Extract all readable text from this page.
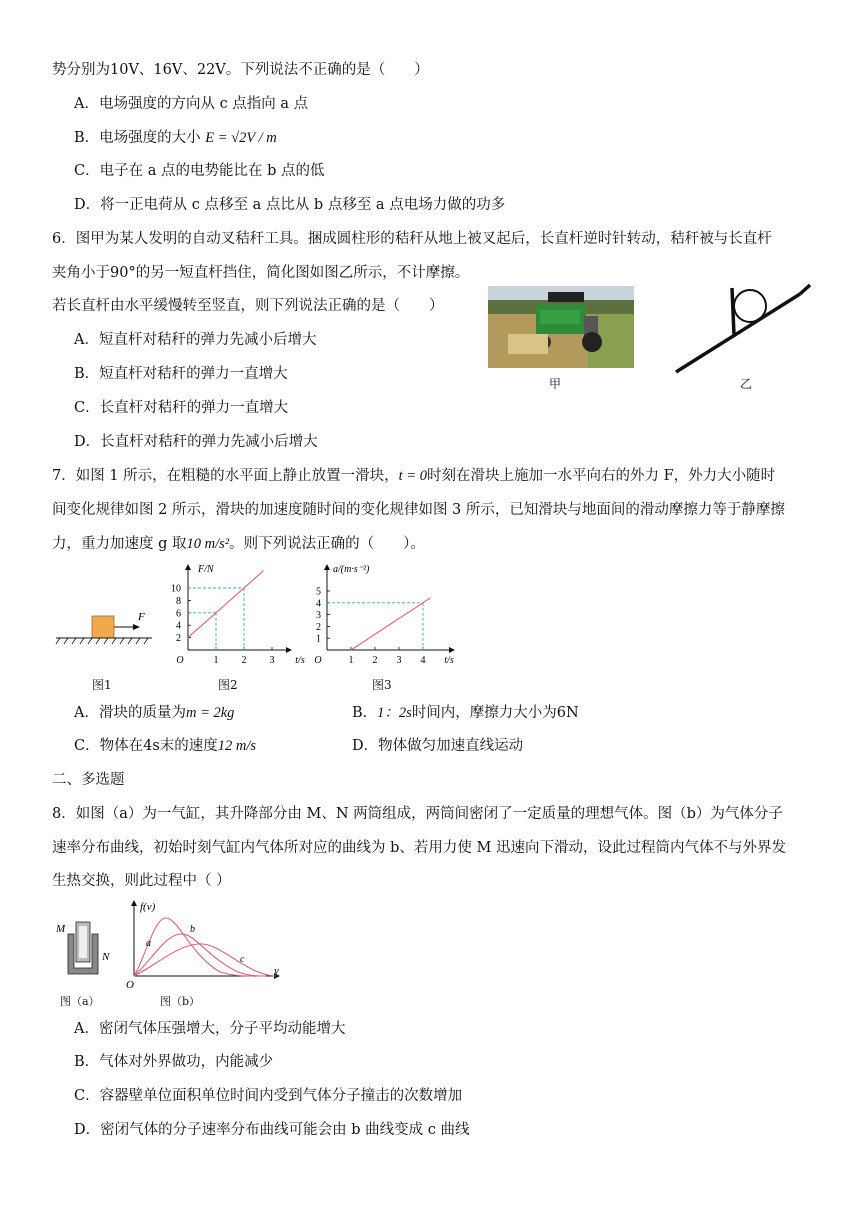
势分别为10V、16V、22V。下列说法不正确的是（　　）
A．电场强度的方向从 c 点指向 a 点
B．电场强度的大小 E = √2V / m
C．电子在 a 点的电势能比在 b 点的低
D．将一正电荷从 c 点移至 a 点比从 b 点移至 a 点电场力做的功多
6．图甲为某人发明的自动叉秸秆工具。捆成圆柱形的秸秆从地上被叉起后，长直杆逆时针转动，秸秆被与长直杆
夹角小于90°的另一短直杆挡住，简化图如图乙所示，不计摩擦。
若长直杆由水平缓慢转至竖直，则下列说法正确的是（　　）
A．短直杆对秸秆的弹力先减小后增大
B．短直杆对秸秆的弹力一直增大
C．长直杆对秸秆的弹力一直增大
D．长直杆对秸秆的弹力先减小后增大
甲	乙
7．如图 1 所示，在粗糙的水平面上静止放置一滑块，t = 0时刻在滑块上施加一水平向右的外力 F，外力大小随时
间变化规律如图 2 所示，滑块的加速度随时间的变化规律如图 3 所示，已知滑块与地面间的滑动摩擦力等于静摩擦
力，重力加速度 g 取10 m/s²。则下列说法正确的（　　）。
F
图1
F/N
t/s
O
2
4
6
8
10
1 2 3
图2
a/(m·s⁻²)
t/s
O
1
2
3
4
5
1 2 3 4
图3
A．滑块的质量为m = 2kg	B．1：2s时间内，摩擦力大小为6N
C．物体在4s末的速度12 m/s	D．物体做匀加速直线运动
二、多选题
8．如图（a）为一气缸，其升降部分由 M、N 两筒组成，两筒间密闭了一定质量的理想气体。图（b）为气体分子
速率分布曲线，初始时刻气缸内气体所对应的曲线为 b、若用力使 M 迅速向下滑动，设此过程筒内气体不与外界发
生热交换，则此过程中（ ）
M
N
图（a）
f(v)
v
O
a
b
c
图（b）
A．密闭气体压强增大，分子平均动能增大
B．气体对外界做功，内能减少
C．容器壁单位面积单位时间内受到气体分子撞击的次数增加
D．密闭气体的分子速率分布曲线可能会由 b 曲线变成 c 曲线
